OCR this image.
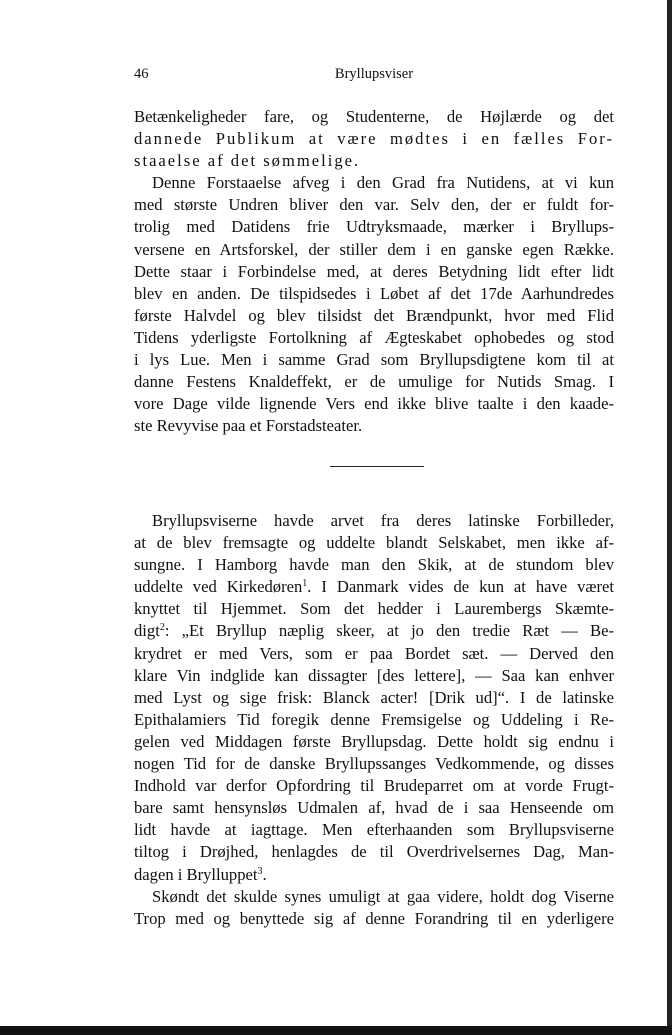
46	Bryllupsviser
Betænkeligheder fare, og Studenterne, de Højlærde og det
dannede Publikum at være mødtes i en fælles For-
staaelse af det sømmelige.
Denne Forstaaelse afveg i den Grad fra Nutidens, at vi kun
med største Undren bliver den var. Selv den, der er fuldt for-
trolig med Datidens frie Udtryksmaade, mærker i Bryllups-
versene en Artsforskel, der stiller dem i en ganske egen Række.
Dette staar i Forbindelse med, at deres Betydning lidt efter lidt
blev en anden. De tilspidsedes i Løbet af det 17de Aarhundredes
første Halvdel og blev tilsidst det Brændpunkt, hvor med Flid
Tidens yderligste Fortolkning af Ægteskabet ophobedes og stod
i lys Lue. Men i samme Grad som Bryllupsdigtene kom til at
danne Festens Knaldeffekt, er de umulige for Nutids Smag. I
vore Dage vilde lignende Vers end ikke blive taalte i den kaade-
ste Revyvise paa et Forstadsteater.
Bryllupsviserne havde arvet fra deres latinske Forbilleder,
at de blev fremsagte og uddelte blandt Selskabet, men ikke af-
sungne. I Hamborg havde man den Skik, at de stundom blev
uddelte ved Kirkedøren$^1$. I Danmark vides de kun at have været
knyttet til Hjemmet. Som det hedder i Laurembergs Skæmte-
digt$^2$: „Et Bryllup næplig skeer, at jo den tredie Ræt — Be-
krydret er med Vers, som er paa Bordet sæt. — Derved den
klare Vin indglide kan dissagter [des lettere], — Saa kan enhver
med Lyst og sige frisk: Blanck acter! [Drik ud]“. I de latinske
Epithalamiers Tid foregik denne Fremsigelse og Uddeling i Re-
gelen ved Middagen første Bryllupsdag. Dette holdt sig endnu i
nogen Tid for de danske Bryllupssanges Vedkommende, og disses
Indhold var derfor Opfordring til Brudeparret om at vorde Frugt-
bare samt hensynsløs Udmalen af, hvad de i saa Henseende om
lidt havde at iagttage. Men efterhaanden som Bryllupsviserne
tiltog i Drøjhed, henlagdes de til Overdrivelsernes Dag, Man-
dagen i Brylluppet$^3$.
Skøndt det skulde synes umuligt at gaa videre, holdt dog Viserne
Trop med og benyttede sig af denne Forandring til en yderligere
